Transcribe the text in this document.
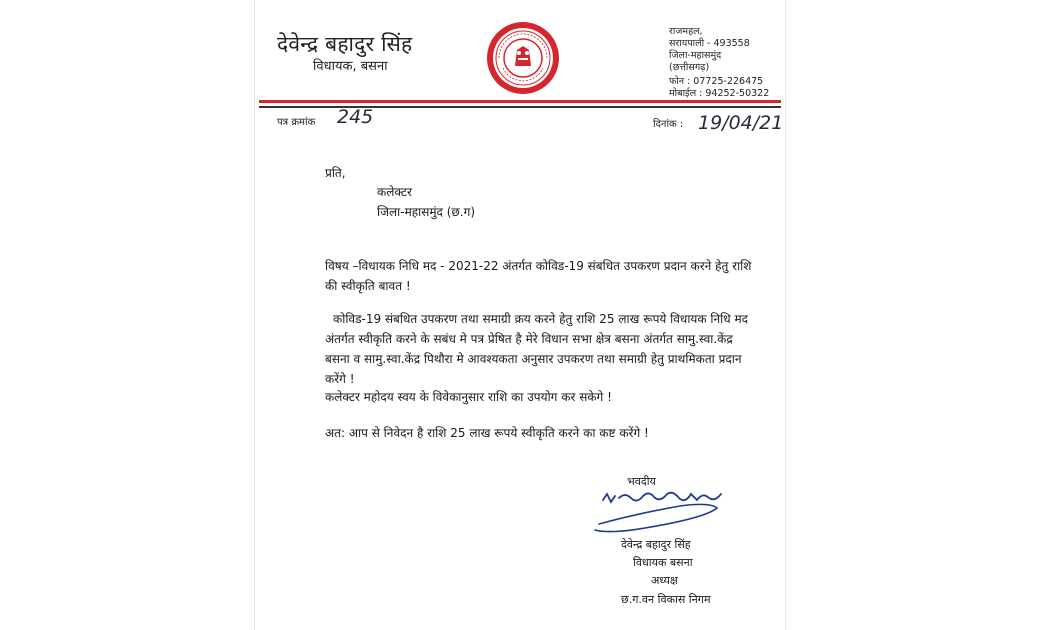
देवेन्द्र बहादुर सिंह
विधायक, बसना
राजमहल,
सरायपाली - 493558
जिला-महासमुंद
(छत्तीसगढ़)
फोन : 07725-226475
मोबाईल : 94252-50322
पत्र क्रमांक 245	दिनांक : 19/04/21
प्रति,
कलेक्टर
जिला-महासमुंद (छ.ग)
विषय –विधायक निधि मद - 2021-22 अंतर्गत कोविड-19 संबधित उपकरण प्रदान करने हेतु राशि
की स्वीकृति बावत !
कोविड-19 संबधित उपकरण तथा समाग्री क्रय करने हेतु राशि 25 लाख रूपये विधायक निधि मद
अंतर्गत स्वीकृति करने के सबंध मे पत्र प्रेषित है मेरे विधान सभा क्षेत्र बसना अंतर्गत सामु.स्वा.केंद्र
बसना व सामु.स्वा.केंद्र पिथौरा मे आवश्यकता अनुसार उपकरण तथा समाग्री हेतु प्राथमिकता प्रदान
करेंगे !
कलेक्टर महोदय स्वय के विवेकानुसार राशि का उपयोग कर सकेगे !
अत: आप से निवेदन है राशि 25 लाख रूपये स्वीकृति करने का कष्ट करेंगे !
भवदीय
देवेन्द्र बहादुर सिंह
विधायक बसना
अध्यक्ष
छ.ग.वन विकास निगम
